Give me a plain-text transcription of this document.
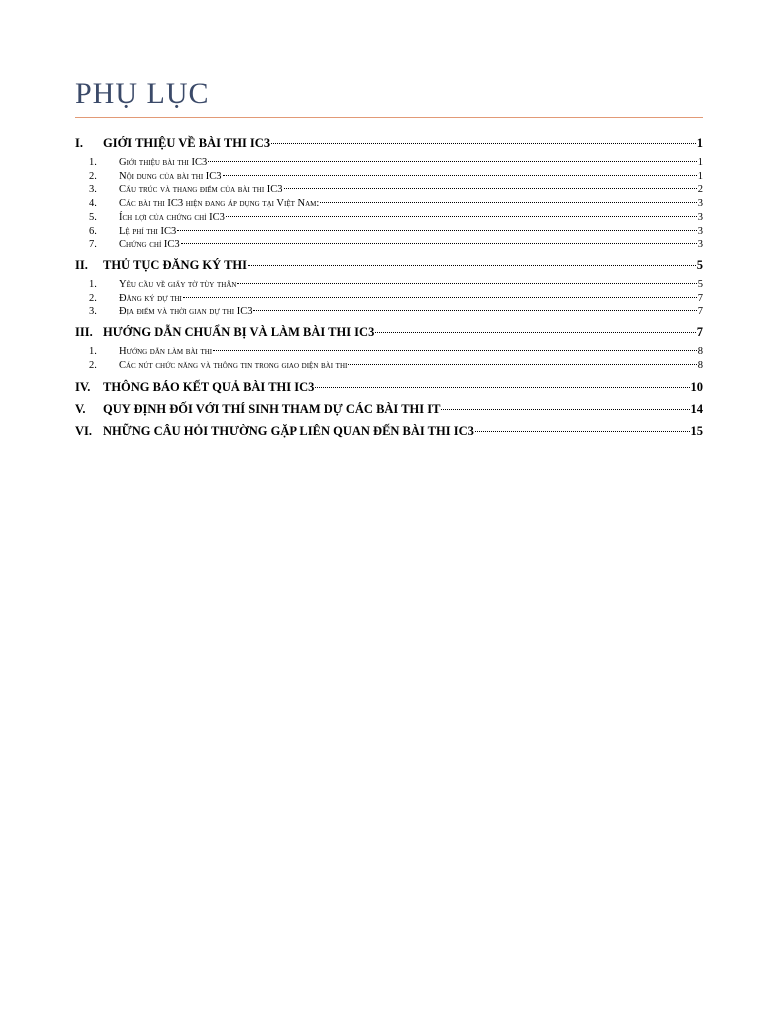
PHỤ LỤC
I.	GIỚI THIỆU VỀ BÀI THI IC3	1
1.	Giới thiệu bài thi IC3	1
2.	Nội dung của bài thi IC3	1
3.	Cấu trúc và thang điểm của bài thi IC3	2
4.	Các bài thi IC3 hiện đang áp dụng tại Việt Nam:	3
5.	Ích lợi của chứng chỉ IC3	3
6.	Lệ phí thi IC3	3
7.	Chứng chỉ IC3	3
II.	THỦ TỤC ĐĂNG KÝ THI	5
1.	Yêu cầu về giấy tờ tùy thân	5
2.	Đăng ký dự thi	7
3.	Địa điểm và thời gian dự thi IC3	7
III. HƯỚNG DẪN CHUẨN BỊ VÀ LÀM BÀI THI IC3	7
1.	Hướng dẫn làm bài thi	8
2.	Các nút chức năng và thông tin trong giao diện bài thi	8
IV.	THÔNG BÁO KẾT QUẢ BÀI THI IC3	10
V.	QUY ĐỊNH ĐỐI VỚI THÍ SINH THAM DỰ CÁC BÀI THI IT	14
VI. NHỮNG CÂU HỎI THƯỜNG GẶP LIÊN QUAN ĐẾN BÀI THI IC3	15
